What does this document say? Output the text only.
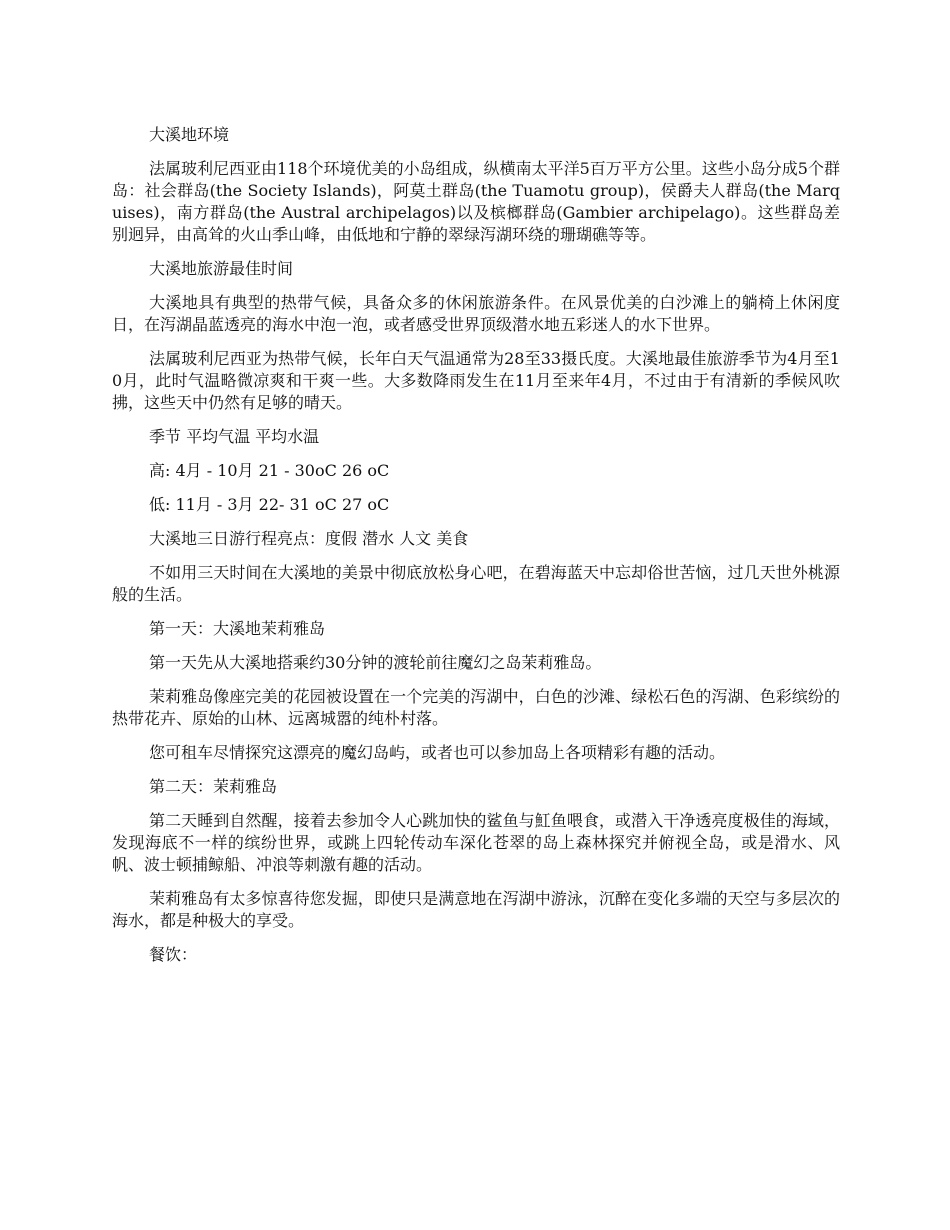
大溪地环境

法属玻利尼西亚由118个环境优美的小岛组成，纵横南太平洋5百万平方公里。这些小岛分成5个群岛：社会群岛(the Society Islands)，阿莫土群岛(the Tuamotu group)，侯爵夫人群岛(the Marquises)，南方群岛(the Austral archipelagos)以及槟榔群岛(Gambier archipelago)。这些群岛差别迥异，由高耸的火山季山峰，由低地和宁静的翠绿泻湖环绕的珊瑚礁等等。

大溪地旅游最佳时间

大溪地具有典型的热带气候，具备众多的休闲旅游条件。在风景优美的白沙滩上的躺椅上休闲度日，在泻湖晶蓝透亮的海水中泡一泡，或者感受世界顶级潜水地五彩迷人的水下世界。

法属玻利尼西亚为热带气候，长年白天气温通常为28至33摄氏度。大溪地最佳旅游季节为4月至10月，此时气温略微凉爽和干爽一些。大多数降雨发生在11月至来年4月，不过由于有清新的季候风吹拂，这些天中仍然有足够的晴天。

季节 平均气温 平均水温

高: 4月 - 10月 21 - 30oC 26 oC

低: 11月 - 3月 22- 31 oC 27 oC

大溪地三日游行程亮点：度假 潜水 人文 美食

不如用三天时间在大溪地的美景中彻底放松身心吧，在碧海蓝天中忘却俗世苦恼，过几天世外桃源般的生活。

第一天：大溪地茉莉雅岛

第一天先从大溪地搭乘约30分钟的渡轮前往魔幻之岛茉莉雅岛。

茉莉雅岛像座完美的花园被设置在一个完美的泻湖中，白色的沙滩、绿松石色的泻湖、色彩缤纷的热带花卉、原始的山林、远离城嚣的纯朴村落。

您可租车尽情探究这漂亮的魔幻岛屿，或者也可以参加岛上各项精彩有趣的活动。

第二天：茉莉雅岛

第二天睡到自然醒，接着去参加令人心跳加快的鲨鱼与魟鱼喂食，或潜入干净透亮度极佳的海域，发现海底不一样的缤纷世界，或跳上四轮传动车深化苍翠的岛上森林探究并俯视全岛，或是滑水、风帆、波士顿捕鲸船、冲浪等刺激有趣的活动。

茉莉雅岛有太多惊喜待您发掘，即使只是满意地在泻湖中游泳，沉醉在变化多端的天空与多层次的海水，都是种极大的享受。

餐饮：
